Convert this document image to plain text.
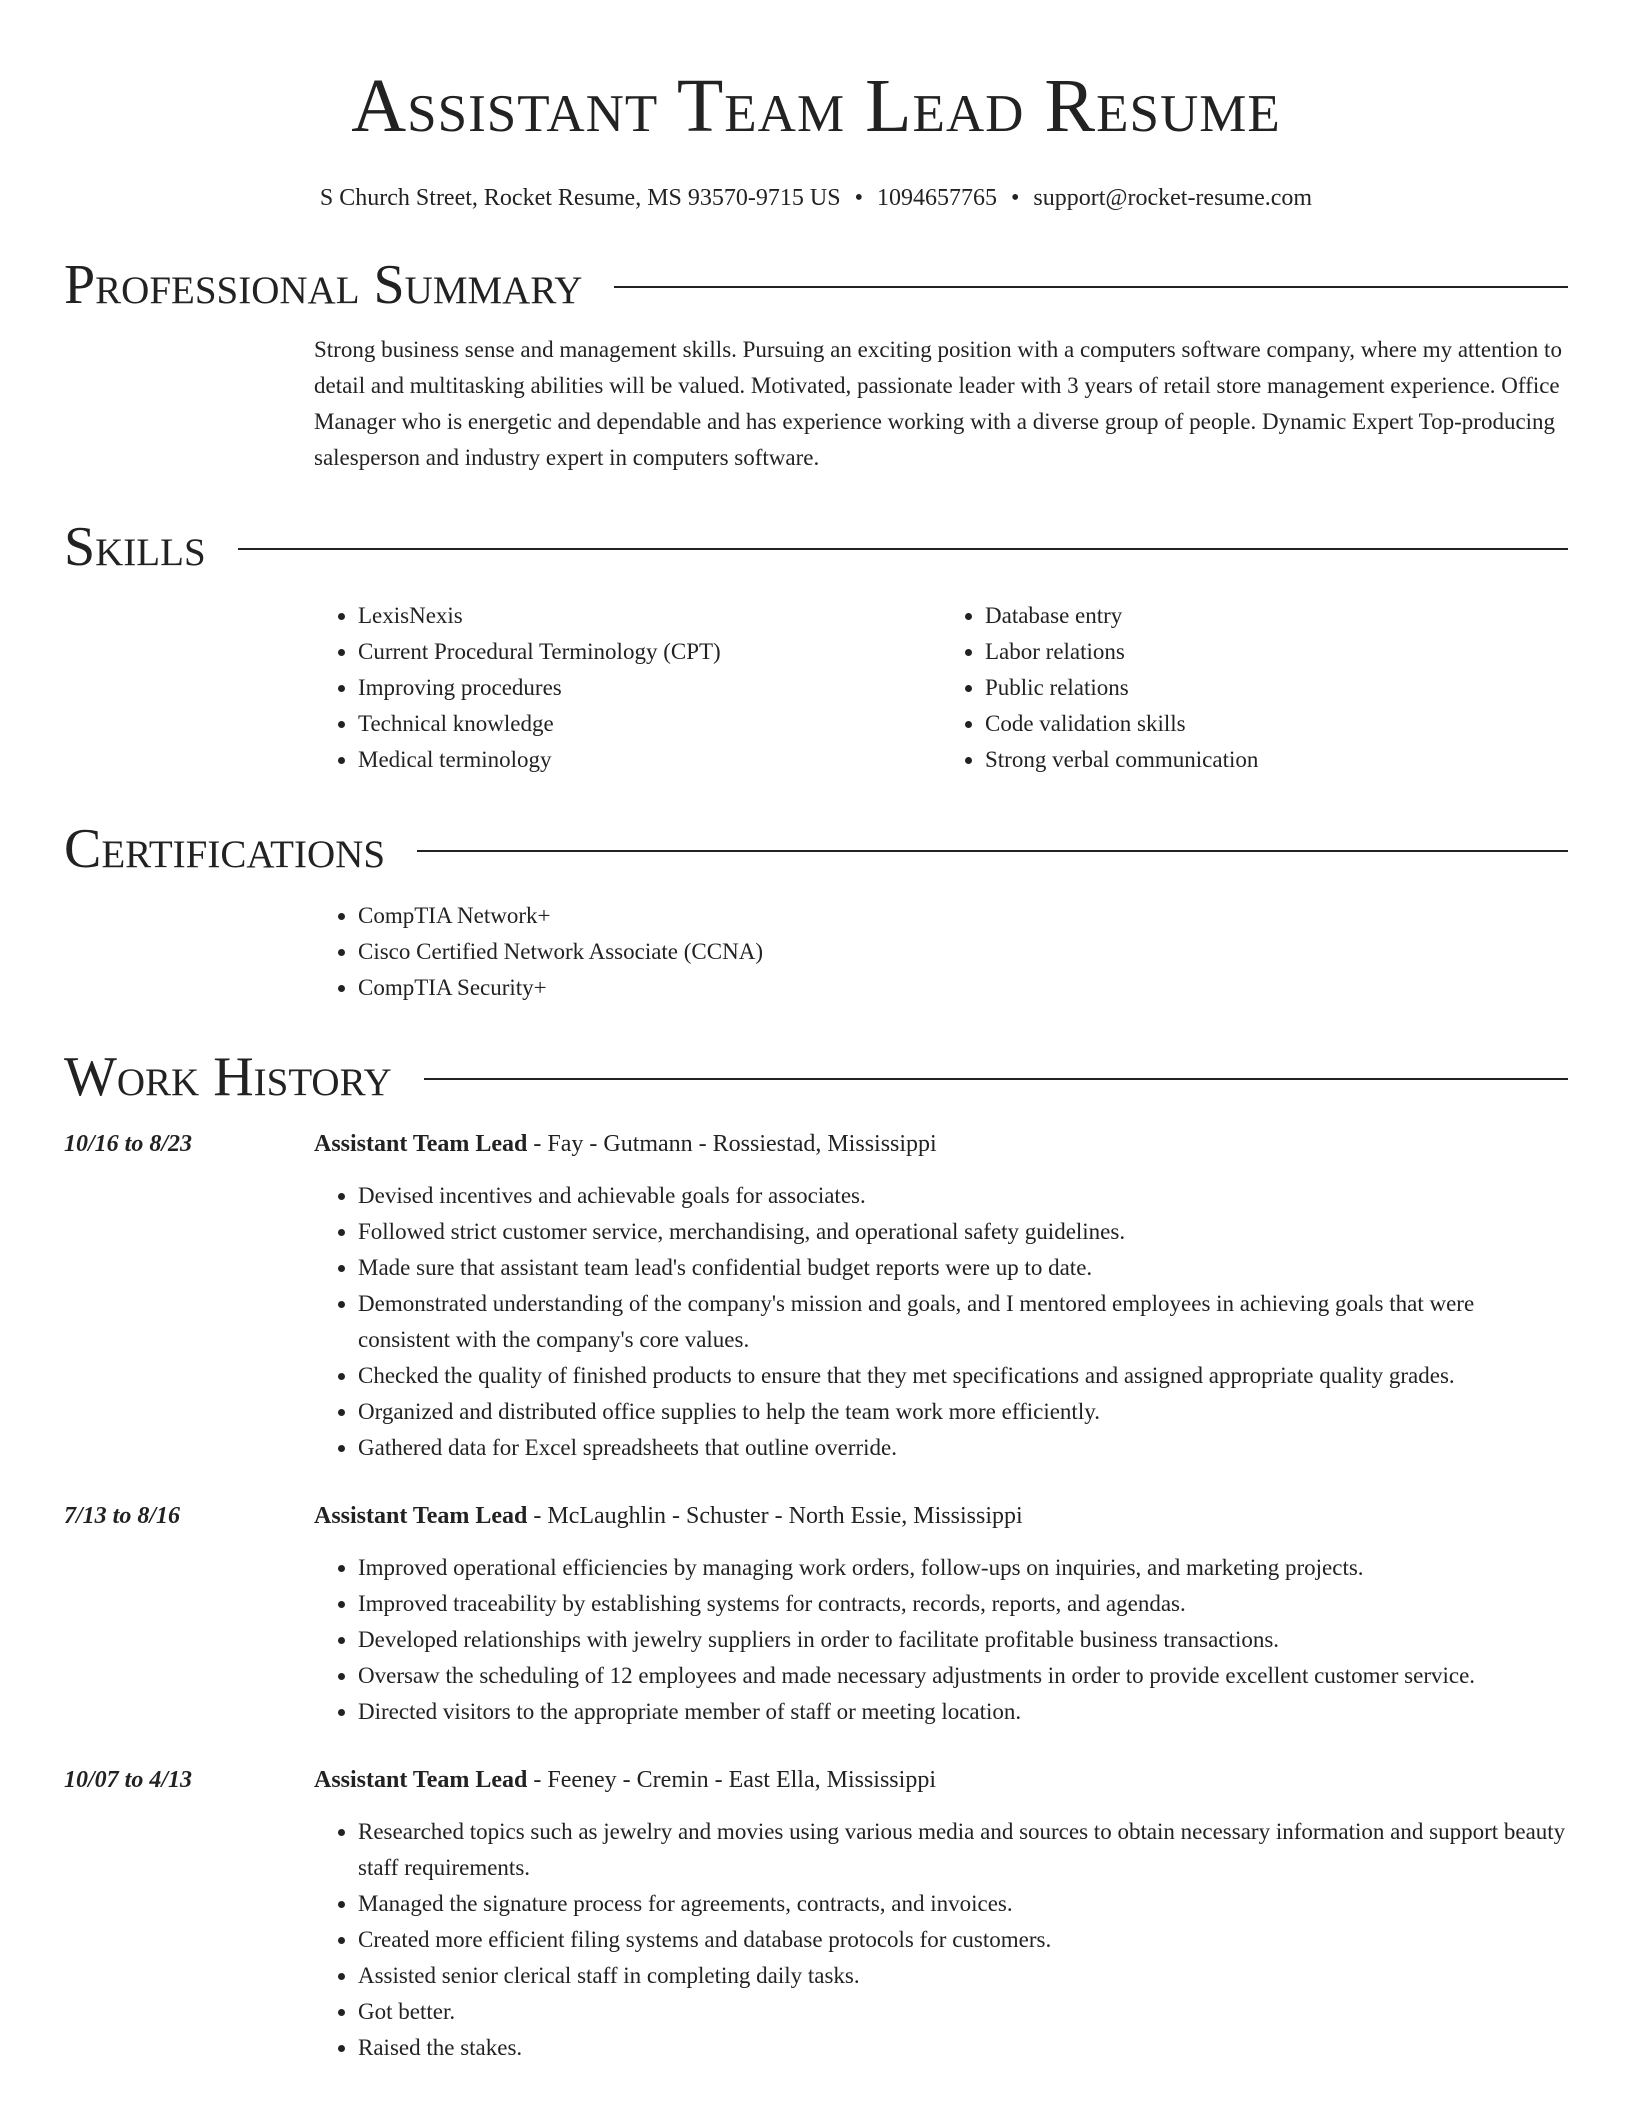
Assistant Team Lead Resume
S Church Street, Rocket Resume, MS 93570-9715 US • 1094657765 • support@rocket-resume.com
Professional Summary

Strong business sense and management skills. Pursuing an exciting position with a computers software company, where my attention to detail and multitasking abilities will be valued. Motivated, passionate leader with 3 years of retail store management experience. Office Manager who is energetic and dependable and has experience working with a diverse group of people. Dynamic Expert Top-producing salesperson and industry expert in computers software.

Skills
• LexisNexis
• Current Procedural Terminology (CPT)
• Improving procedures
• Technical knowledge
• Medical terminology
• Database entry
• Labor relations
• Public relations
• Code validation skills
• Strong verbal communication
Certifications
• CompTIA Network+
• Cisco Certified Network Associate (CCNA)
• CompTIA Security+
Work History
10/16 to 8/23	Assistant Team Lead - Fay - Gutmann - Rossiestad, Mississippi
• Devised incentives and achievable goals for associates.
• Followed strict customer service, merchandising, and operational safety guidelines.
• Made sure that assistant team lead's confidential budget reports were up to date.
• Demonstrated understanding of the company's mission and goals, and I mentored employees in achieving goals that were consistent with the company's core values.
• Checked the quality of finished products to ensure that they met specifications and assigned appropriate quality grades.
• Organized and distributed office supplies to help the team work more efficiently.
• Gathered data for Excel spreadsheets that outline override.
7/13 to 8/16	Assistant Team Lead - McLaughlin - Schuster - North Essie, Mississippi
• Improved operational efficiencies by managing work orders, follow-ups on inquiries, and marketing projects.
• Improved traceability by establishing systems for contracts, records, reports, and agendas.
• Developed relationships with jewelry suppliers in order to facilitate profitable business transactions.
• Oversaw the scheduling of 12 employees and made necessary adjustments in order to provide excellent customer service.
• Directed visitors to the appropriate member of staff or meeting location.
10/07 to 4/13	Assistant Team Lead - Feeney - Cremin - East Ella, Mississippi
• Researched topics such as jewelry and movies using various media and sources to obtain necessary information and support beauty staff requirements.
• Managed the signature process for agreements, contracts, and invoices.
• Created more efficient filing systems and database protocols for customers.
• Assisted senior clerical staff in completing daily tasks.
• Got better.
• Raised the stakes.
